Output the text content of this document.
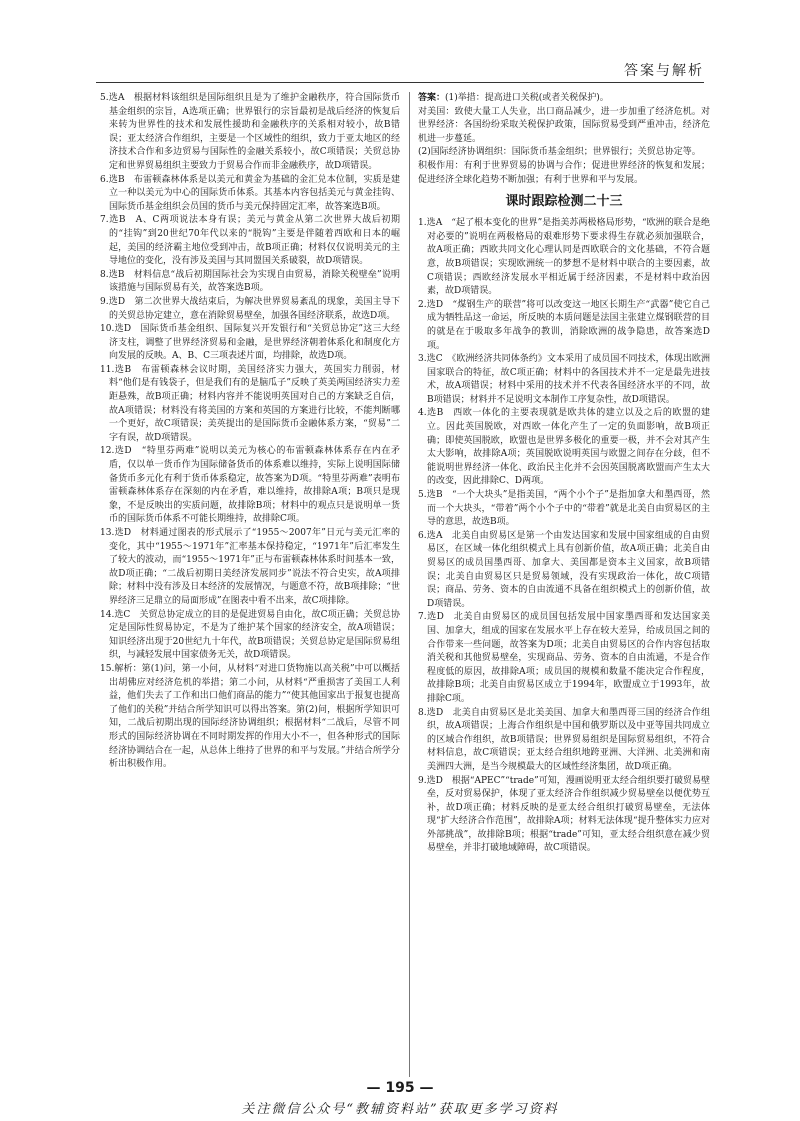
答案与解析

5.选A　根据材料该组织是国际组织且是为了维护金融秩序，符合国际货币基金组织的宗旨，A选项正确；世界银行的宗旨最初是战后经济的恢复后来转为世界性的技术和发展性援助和金融秩序的关系相对较小，故B错误；亚太经济合作组织，主要是一个区域性的组织，致力于亚太地区的经济技术合作和多边贸易与国际性的金融关系较小，故C项错误；关贸总协定和世界贸易组织主要致力于贸易合作而非金融秩序，故D项错误。

6.选B　布雷顿森林体系是以美元和黄金为基础的金汇兑本位制，实质是建立一种以美元为中心的国际货币体系。其基本内容包括美元与黄金挂钩、国际货币基金组织会员国的货币与美元保持固定汇率，故答案选B项。

7.选B　A、C两项说法本身有误；美元与黄金从第二次世界大战后初期的“挂钩”到20世纪70年代以来的“脱钩”主要是伴随着西欧和日本的崛起，美国的经济霸主地位受到冲击，故B项正确；材料仅仅说明美元的主导地位的变化，没有涉及美国与其同盟国关系破裂，故D项错误。

8.选B　材料信息“战后初期国际社会为实现自由贸易，消除关税壁垒”说明该措施与国际贸易有关，故答案选B项。

9.选D　第二次世界大战结束后，为解决世界贸易紊乱的现象，美国主导下的关贸总协定建立，意在消除贸易壁垒，加强各国经济联系，故选D项。

10.选D　国际货币基金组织、国际复兴开发银行和“关贸总协定”这三大经济支柱，调整了世界经济贸易和金融，是世界经济朝着体系化和制度化方向发展的反映。A、B、C三项表述片面，均排除，故选D项。

11.选B　布雷顿森林会议时期，美国经济实力强大，英国实力削弱，材料“他们是有钱袋子，但是我们有的是脑瓜子”反映了英美两国经济实力差距悬殊，故B项正确；材料内容并不能说明英国对自己的方案缺乏自信，故A项错误；材料没有将美国的方案和英国的方案进行比较，不能判断哪一个更好，故C项错误；美英提出的是国际货币金融体系方案，“贸易”二字有误，故D项错误。

12.选D　“特里芬两难”说明以美元为核心的布雷顿森林体系存在内在矛盾，仅以单一货币作为国际储备货币的体系难以维持，实际上说明国际储备货币多元化有利于货币体系稳定，故答案为D项。“特里芬两难”表明布雷顿森林体系存在深刻的内在矛盾，难以维持，故排除A项；B项只是现象，不是反映出的实质问题，故排除B项；材料中的观点只是说明单一货币的国际货币体系不可能长期维持，故排除C项。

13.选D　材料通过图表的形式展示了“1955～2007年”日元与美元汇率的变化，其中“1955～1971年”汇率基本保持稳定，“1971年”后汇率发生了较大的波动，而“1955～1971年”正与布雷顿森林体系时间基本一致，故D项正确；“二战后初期日美经济发展同步”说法不符合史实，故A项排除；材料中没有涉及日本经济的发展情况，与题意不符，故B项排除；“世界经济三足鼎立的局面形成”在图表中看不出来，故C项排除。

14.选C　关贸总协定成立的目的是促进贸易自由化，故C项正确；关贸总协定是国际性贸易协定，不是为了维护某个国家的经济安全，故A项错误；知识经济出现于20世纪九十年代，故B项错误；关贸总协定是国际贸易组织，与减轻发展中国家债务无关，故D项错误。

15.解析：第(1)问，第一小问，从材料“对进口货物施以高关税”中可以概括出胡佛应对经济危机的举措；第二小问，从材料“严重损害了美国工人利益，他们失去了工作和出口他们商品的能力”“使其他国家出于报复也提高了他们的关税”并结合所学知识可以得出答案。第(2)问，根据所学知识可知，二战后初期出现的国际经济协调组织；根据材料“二战后，尽管不同形式的国际经济协调在不同时期发挥的作用大小不一，但各种形式的国际经济协调结合在一起，从总体上维持了世界的和平与发展。”并结合所学分析出积极作用。

答案：(1)举措：提高进口关税(或者关税保护)。

对美国：致使大量工人失业，出口商品减少，进一步加重了经济危机。对世界经济：各国纷纷采取关税保护政策，国际贸易受到严重冲击，经济危机进一步蔓延。

(2)国际经济协调组织：国际货币基金组织；世界银行；关贸总协定等。

积极作用：有利于世界贸易的协调与合作；促进世界经济的恢复和发展；促进经济全球化趋势不断加强；有利于世界和平与发展。

课时跟踪检测二十三

1.选A　“起了根本变化的世界”是指美苏两极格局形势，“欧洲的联合是绝对必要的”说明在两极格局的艰难形势下要求得生存就必须加强联合，故A项正确；西欧共同文化心理认同是西欧联合的文化基础，不符合题意，故B项错误；实现欧洲统一的梦想不是材料中联合的主要因素，故C项错误；西欧经济发展水平相近属于经济因素，不是材料中政治因素，故D项错误。

2.选D　“煤钢生产的联营”将可以改变这一地区长期生产“武器”使它自己成为牺牲品这一命运，所反映的本质问题是法国主张建立煤钢联营的目的就是在于吸取多年战争的教训，消除欧洲的战争隐患，故答案选D项。

3.选C　《欧洲经济共同体条约》文本采用了成员国不同技术，体现出欧洲国家联合的特征，故C项正确；材料中的各国技术并不一定是最先进技术，故A项错误；材料中采用的技术并不代表各国经济水平的不同，故B项错误；材料并不足说明文本制作工序复杂性，故D项错误。

4.选B　西欧一体化的主要表现就是欧共体的建立以及之后的欧盟的建立。因此英国脱欧，对西欧一体化产生了一定的负面影响，故B项正确；即使英国脱欧，欧盟也是世界多极化的重要一极，并不会对其产生太大影响，故排除A项；英国脱欧说明英国与欧盟之间存在分歧，但不能说明世界经济一体化、政治民主化并不会因英国脱离欧盟而产生太大的改变，因此排除C、D两项。

5.选B　“一个大块头”是指美国，“两个小个子”是指加拿大和墨西哥，然而一个大块头，“带着”两个小个子中的“带着”就是北美自由贸易区的主导的意思，故选B项。

6.选A　北美自由贸易区是第一个由发达国家和发展中国家组成的自由贸易区，在区域一体化组织模式上具有创新价值，故A项正确；北美自由贸易区的成员国墨西哥、加拿大、美国都是资本主义国家，故B项错误；北美自由贸易区只是贸易领域，没有实现政治一体化，故C项错误；商品、劳务、资本的自由流通不具备在组织模式上的创新价值，故D项错误。

7.选D　北美自由贸易区的成员国包括发展中国家墨西哥和发达国家美国、加拿大，组成的国家在发展水平上存在较大差异，给成员国之间的合作带来一些问题，故答案为D项；北美自由贸易区的合作内容包括取消关税和其他贸易壁垒，实现商品、劳务、资本的自由流通，不是合作程度低的原因，故排除A项；成员国的规模和数量不能决定合作程度，故排除B项；北美自由贸易区成立于1994年，欧盟成立于1993年，故排除C项。

8.选D　北美自由贸易区是北美美国、加拿大和墨西哥三国的经济合作组织，故A项错误；上海合作组织是中国和俄罗斯以及中亚等国共同成立的区域合作组织，故B项错误；世界贸易组织是国际贸易组织，不符合材料信息，故C项错误；亚太经合组织地跨亚洲、大洋洲、北美洲和南美洲四大洲，是当今规模最大的区域性经济集团，故D项正确。

9.选D　根据“APEC”“trade”可知，漫画说明亚太经合组织要打破贸易壁垒，反对贸易保护，体现了亚太经济合作组织减少贸易壁垒以便优势互补，故D项正确；材料反映的是亚太经合组织打破贸易壁垒，无法体现“扩大经济合作范围”，故排除A项；材料无法体现“提升整体实力应对外部挑战”，故排除B项；根据“trade”可知，亚太经合组织意在减少贸易壁垒，并非打破地域障碍，故C项错误。

— 195 —
关注微信公众号“教辅资料站”获取更多学习资料
